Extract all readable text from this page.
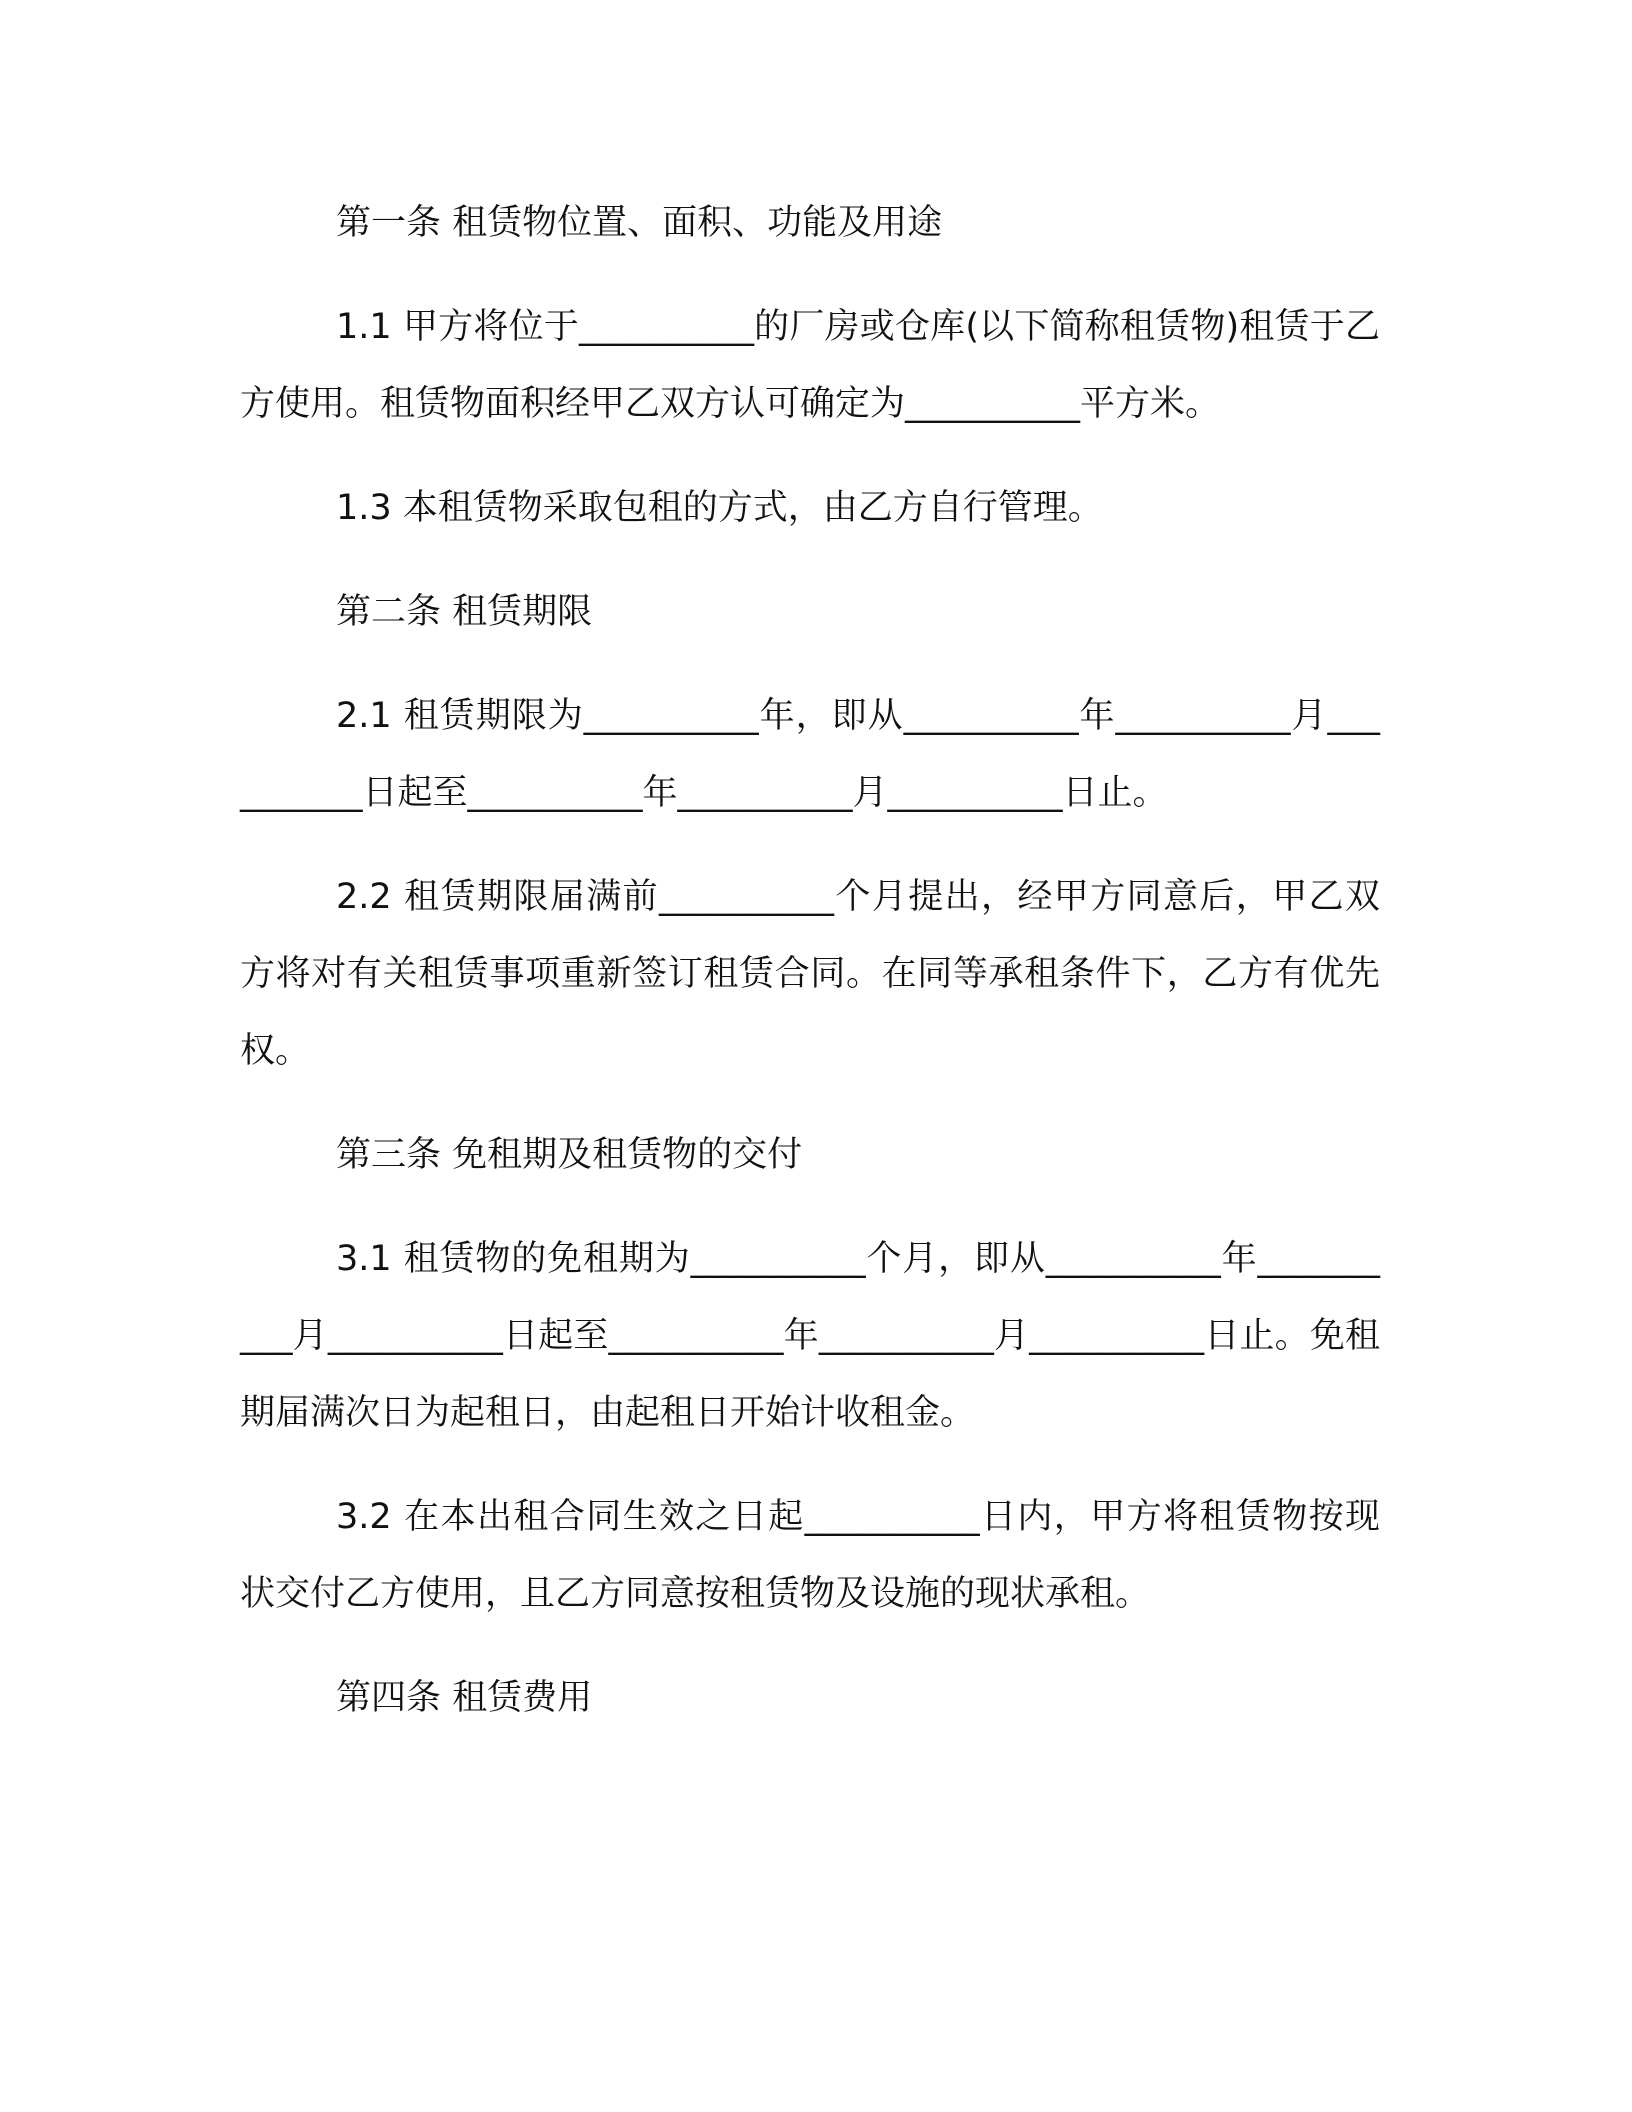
第一条 租赁物位置、面积、功能及用途

1.1 甲方将位于__________的厂房或仓库(以下简称租赁物)租赁于乙方使用。租赁物面积经甲乙双方认可确定为__________平方米。

1.3 本租赁物采取包租的方式，由乙方自行管理。

第二条 租赁期限

2.1 租赁期限为__________年，即从__________年__________月__________日起至__________年__________月__________日止。

2.2 租赁期限届满前__________个月提出，经甲方同意后，甲乙双方将对有关租赁事项重新签订租赁合同。在同等承租条件下，乙方有优先权。

第三条 免租期及租赁物的交付

3.1 租赁物的免租期为__________个月，即从__________年__________月__________日起至__________年__________月__________日止。免租期届满次日为起租日，由起租日开始计收租金。

3.2 在本出租合同生效之日起__________日内，甲方将租赁物按现状交付乙方使用，且乙方同意按租赁物及设施的现状承租。

第四条 租赁费用
